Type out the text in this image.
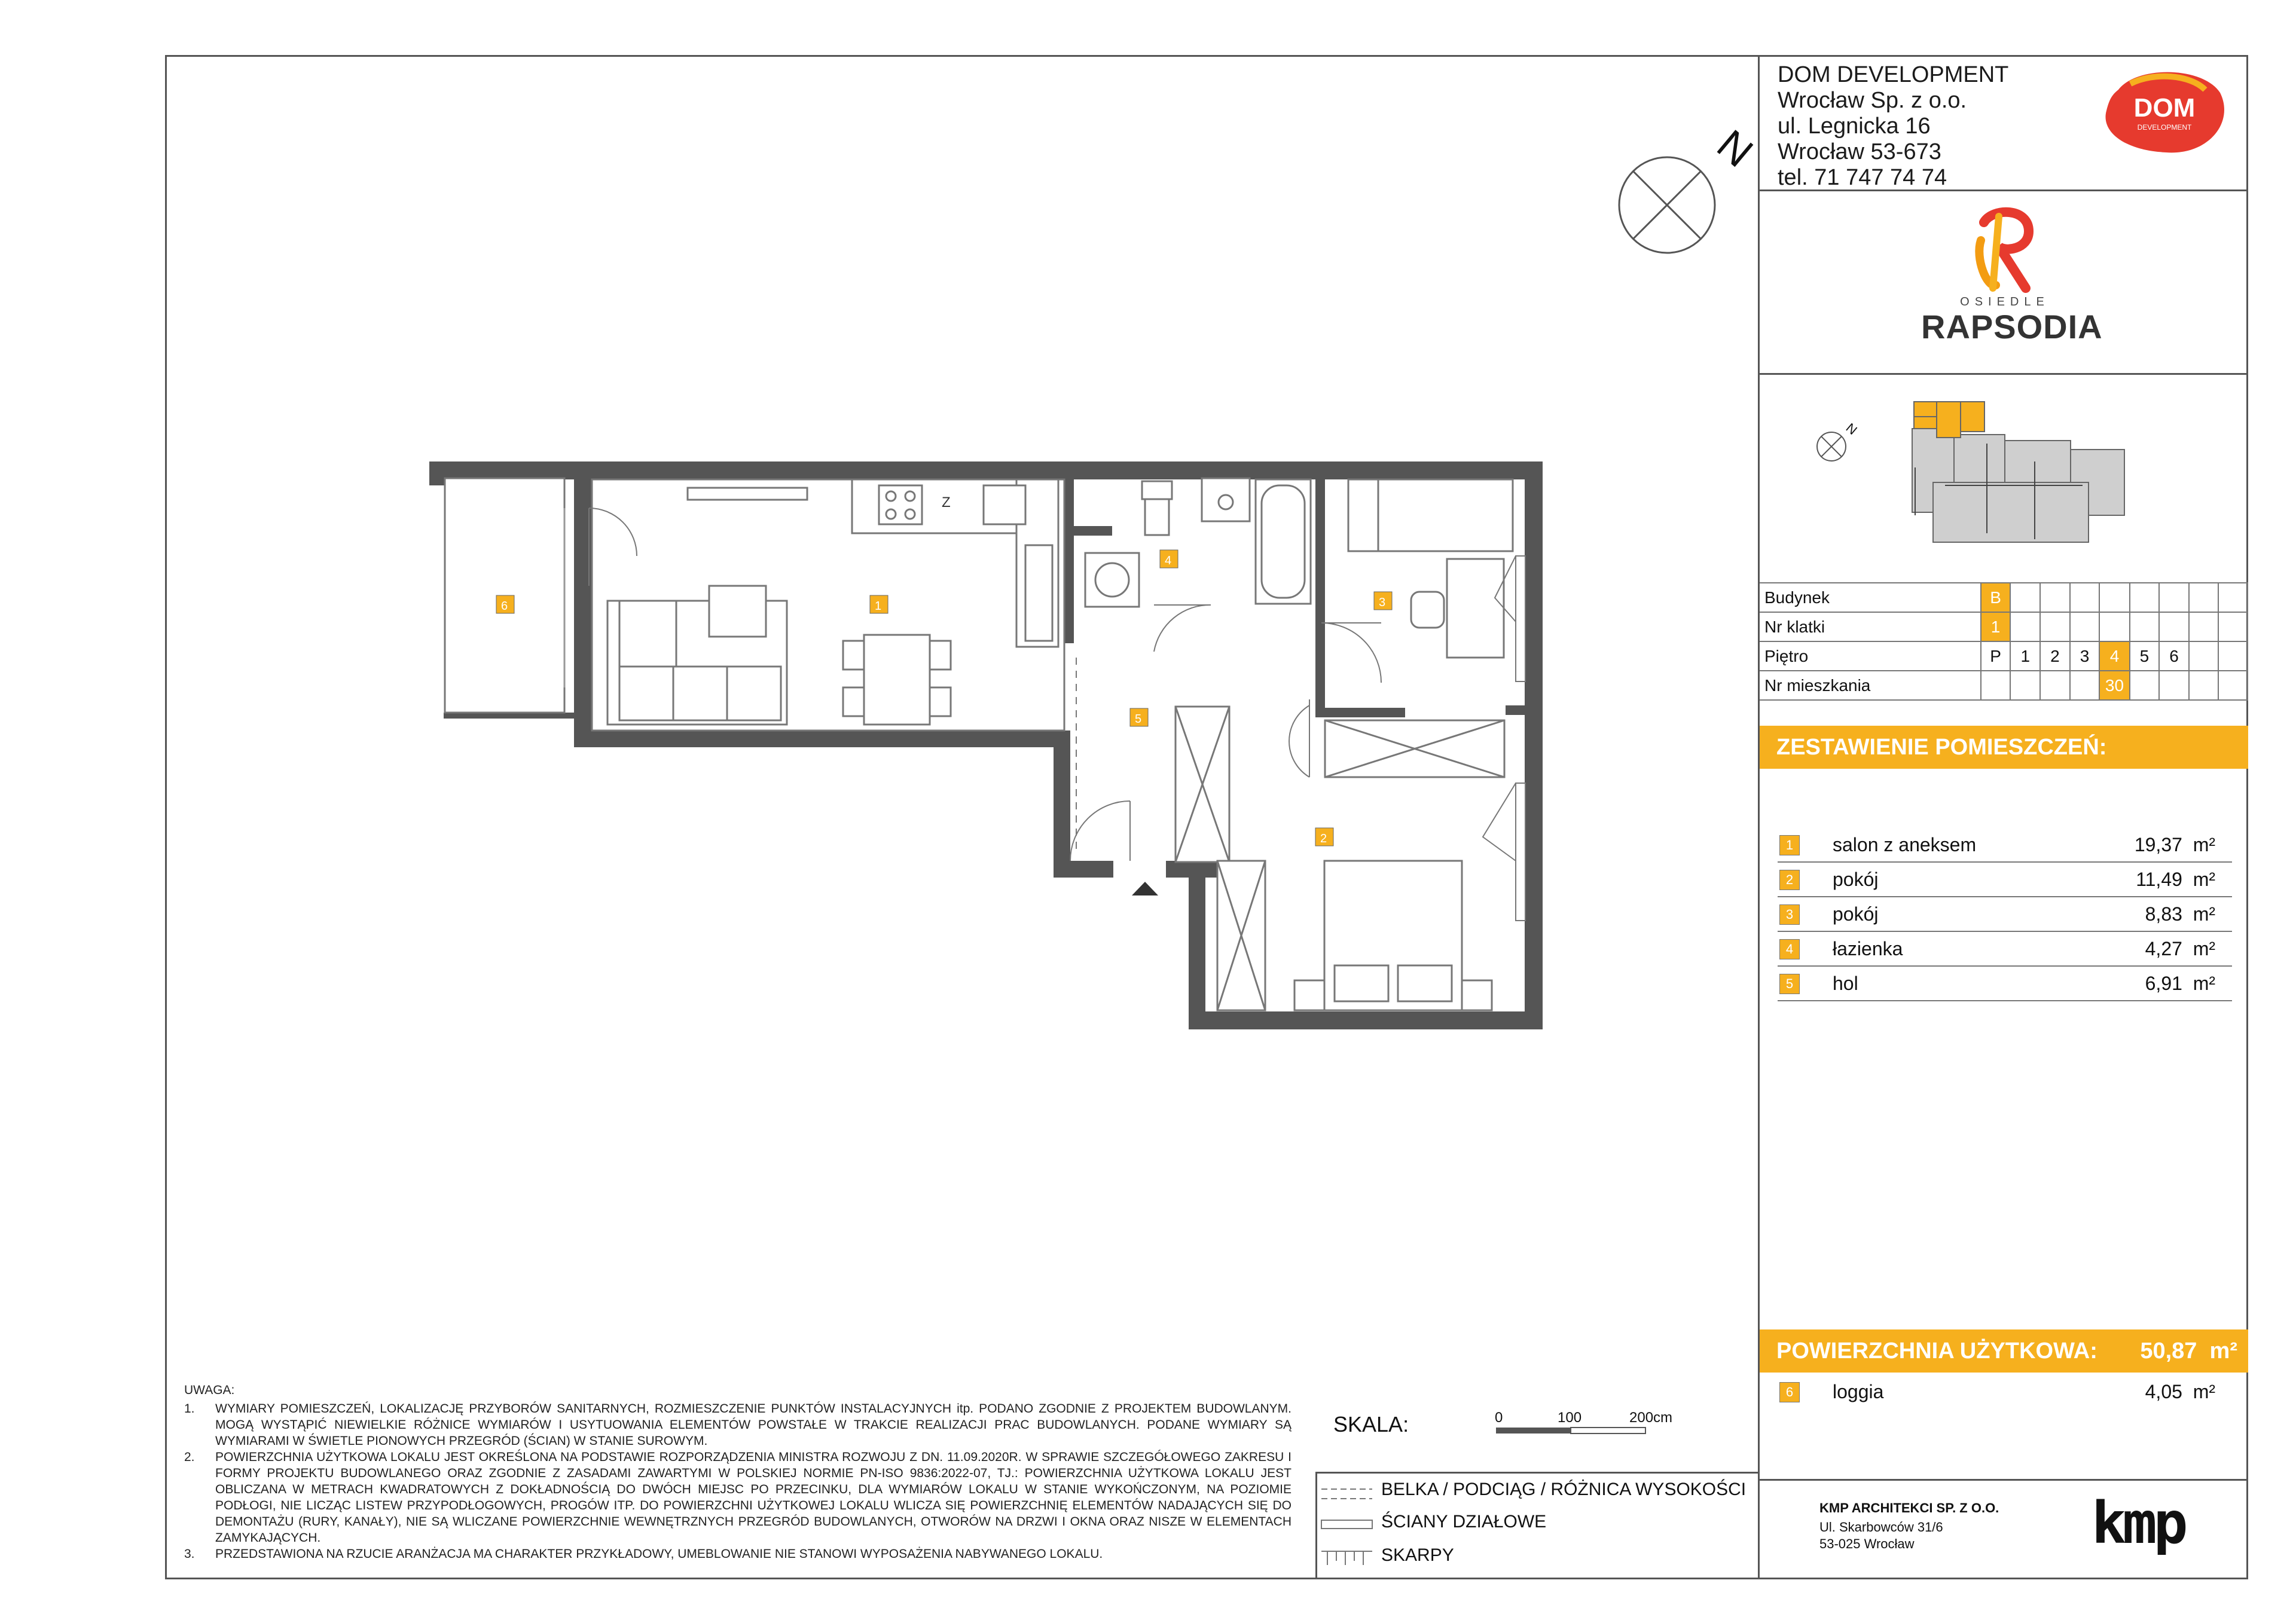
N
Z
1
2
3
4
5
6
DOM DEVELOPMENT
Wrocław Sp. z o.o.
ul. Legnicka 16
Wrocław 53-673
tel. 71 747 74 74
DOM
DEVELOPMENT
OSIEDLE
RAPSODIA
N
Budynek	B								
Nr klatki	1								
Piętro	P	1	2	3	4	5	6		
Nr mieszkania					30				
ZESTAWIENIE POMIESZCZEŃ:
1	salon z aneksem	19,37 m²
2	pokój	11,49 m²
3	pokój	8,83 m²
4	łazienka	4,27 m²
5	hol	6,91 m²
POWIERZCHNIA UŻYTKOWA: 50,87 m²
6	loggia	4,05 m²
KMP ARCHITEKCI SP. Z O.O.
Ul. Skarbowców 31/6
53-025 Wrocław	kmp
UWAGA:
1.	WYMIARY POMIESZCZEŃ, LOKALIZACJĘ PRZYBORÓW SANITARNYCH, ROZMIESZCZENIE PUNKTÓW INSTALACYJNYCH itp. PODANO ZGODNIE Z PROJEKTEM BUDOWLANYM. MOGĄ WYSTĄPIĆ NIEWIELKIE RÓŻNICE WYMIARÓW I USYTUOWANIA ELEMENTÓW POWSTAŁE W TRAKCIE REALIZACJI PRAC BUDOWLANYCH. PODANE WYMIARY SĄ WYMIARAMI W ŚWIETLE PIONOWYCH PRZEGRÓD (ŚCIAN) W STANIE SUROWYM.
2.	POWIERZCHNIA UŻYTKOWA LOKALU JEST OKREŚLONA NA PODSTAWIE ROZPORZĄDZENIA MINISTRA ROZWOJU Z DN. 11.09.2020R. W SPRAWIE SZCZEGÓŁOWEGO ZAKRESU I FORMY PROJEKTU BUDOWLANEGO ORAZ ZGODNIE Z ZASADAMI ZAWARTYMI W POLSKIEJ NORMIE PN-ISO 9836:2022-07, TJ.: POWIERZCHNIA UŻYTKOWA LOKALU JEST OBLICZANA W METRACH KWADRATOWYCH Z DOKŁADNOŚCIĄ DO DWÓCH MIEJSC PO PRZECINKU, DLA WYMIARÓW LOKALU W STANIE WYKOŃCZONYM, NA POZIOMIE PODŁOGI, NIE LICZĄC LISTEW PRZYPODŁOGOWYCH, PROGÓW ITP. DO POWIERZCHNI UŻYTKOWEJ LOKALU WLICZA SIĘ POWIERZCHNIĘ ELEMENTÓW NADAJĄCYCH SIĘ DO DEMONTAŻU (RURY, KANAŁY), NIE SĄ WLICZANE POWIERZCHNIE WEWNĘTRZNYCH PRZEGRÓD BUDOWLANYCH, OTWORÓW NA DRZWI I OKNA ORAZ NISZE W ELEMENTACH ZAMYKAJĄCYCH.
3.	PRZEDSTAWIONA NA RZUCIE ARANŻACJA MA CHARAKTER PRZYKŁADOWY, UMEBLOWANIE NIE STANOWI WYPOSAŻENIA NABYWANEGO LOKALU.
SKALA:	0	100	200cm
BELKA / PODCIĄG / RÓŻNICA WYSOKOŚCI
ŚCIANY DZIAŁOWE
SKARPY
